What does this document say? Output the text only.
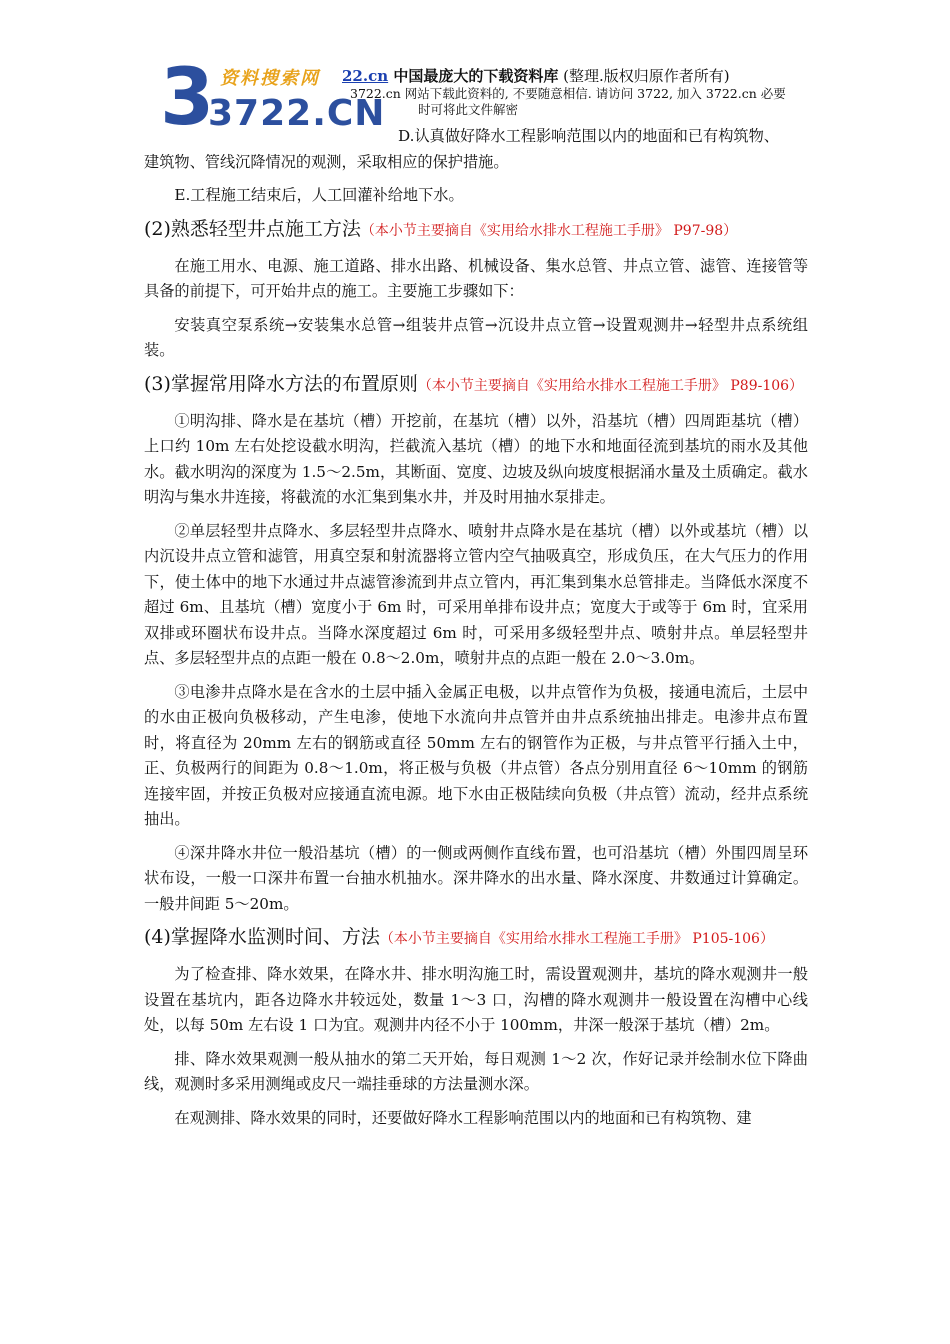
3
3722.CN
资料搜索网 22.cn 中国最庞大的下载资料库 (整理.版权归原作者所有)
3722.cn 网站下载此资料的, 不要随意相信. 请访问 3722, 加入 3722.cn 必要
时可将此文件解密

D.认真做好降水工程影响范围以内的地面和已有构筑物、

建筑物、管线沉降情况的观测，采取相应的保护措施。

E.工程施工结束后，人工回灌补给地下水。

(2)熟悉轻型井点施工方法（本小节主要摘自《实用给水排水工程施工手册》 P97-98）

在施工用水、电源、施工道路、排水出路、机械设备、集水总管、井点立管、滤管、连接管等具备的前提下，可开始井点的施工。主要施工步骤如下：

安装真空泵系统→安装集水总管→组装井点管→沉设井点立管→设置观测井→轻型井点系统组装。

(3)掌握常用降水方法的布置原则（本小节主要摘自《实用给水排水工程施工手册》 P89-106）

①明沟排、降水是在基坑（槽）开挖前，在基坑（槽）以外，沿基坑（槽）四周距基坑（槽）上口约 10m 左右处挖设截水明沟，拦截流入基坑（槽）的地下水和地面径流到基坑的雨水及其他水。截水明沟的深度为 1.5～2.5m，其断面、宽度、边坡及纵向坡度根据涌水量及土质确定。截水明沟与集水井连接，将截流的水汇集到集水井，并及时用抽水泵排走。

②单层轻型井点降水、多层轻型井点降水、喷射井点降水是在基坑（槽）以外或基坑（槽）以内沉设井点立管和滤管，用真空泵和射流器将立管内空气抽吸真空，形成负压，在大气压力的作用下，使土体中的地下水通过井点滤管渗流到井点立管内，再汇集到集水总管排走。当降低水深度不超过 6m、且基坑（槽）宽度小于 6m 时，可采用单排布设井点；宽度大于或等于 6m 时，宜采用双排或环圈状布设井点。当降水深度超过 6m 时，可采用多级轻型井点、喷射井点。单层轻型井点、多层轻型井点的点距一般在 0.8～2.0m，喷射井点的点距一般在 2.0～3.0m。

③电渗井点降水是在含水的土层中插入金属正电极，以井点管作为负极，接通电流后，土层中的水由正极向负极移动，产生电渗，使地下水流向井点管并由井点系统抽出排走。电渗井点布置时，将直径为 20mm 左右的钢筋或直径 50mm 左右的钢管作为正极，与井点管平行插入土中，正、负极两行的间距为 0.8～1.0m，将正极与负极（井点管）各点分别用直径 6～10mm 的钢筋连接牢固，并按正负极对应接通直流电源。地下水由正极陆续向负极（井点管）流动，经井点系统抽出。

④深井降水井位一般沿基坑（槽）的一侧或两侧作直线布置，也可沿基坑（槽）外围四周呈环状布设，一般一口深井布置一台抽水机抽水。深井降水的出水量、降水深度、井数通过计算确定。一般井间距 5～20m。

(4)掌握降水监测时间、方法（本小节主要摘自《实用给水排水工程施工手册》 P105-106）

为了检查排、降水效果，在降水井、排水明沟施工时，需设置观测井，基坑的降水观测井一般设置在基坑内，距各边降水井较远处，数量 1～3 口，沟槽的降水观测井一般设置在沟槽中心线处，以每 50m 左右设 1 口为宜。观测井内径不小于 100mm，井深一般深于基坑（槽）2m。

排、降水效果观测一般从抽水的第二天开始，每日观测 1～2 次，作好记录并绘制水位下降曲线，观测时多采用测绳或皮尺一端挂垂球的方法量测水深。

在观测排、降水效果的同时，还要做好降水工程影响范围以内的地面和已有构筑物、建
